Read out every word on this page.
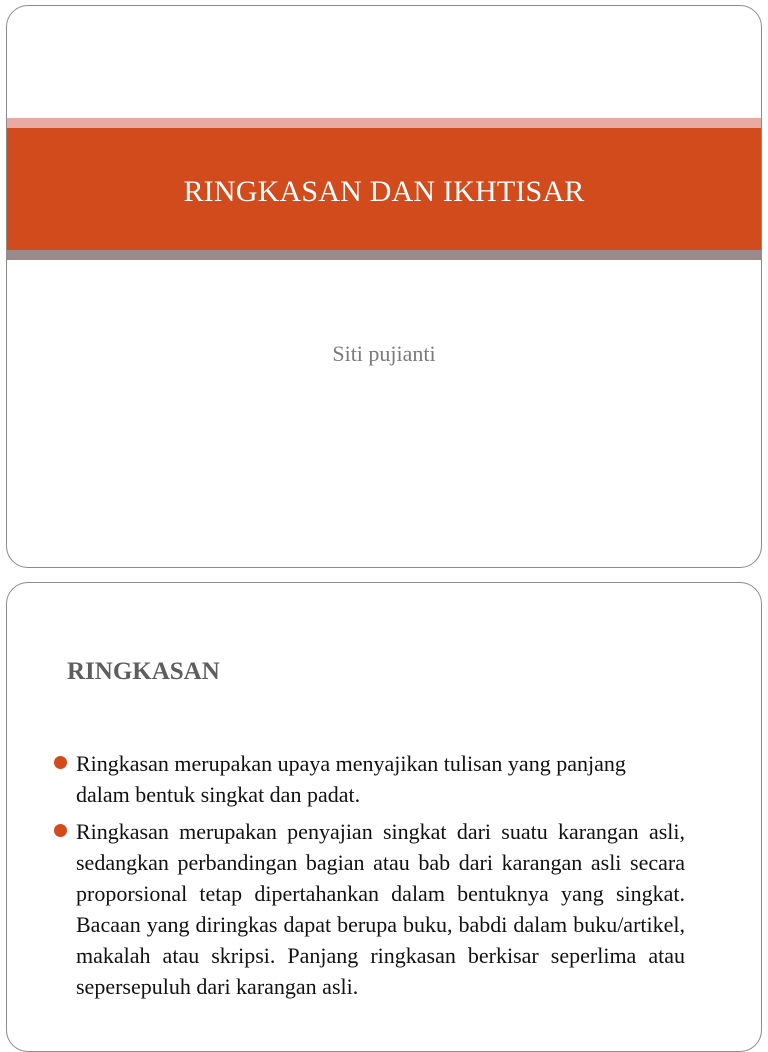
RINGKASAN DAN IKHTISAR
Siti pujianti
RINGKASAN
Ringkasan merupakan upaya menyajikan tulisan yang panjang dalam bentuk singkat dan padat.
Ringkasan merupakan penyajian singkat dari suatu karangan asli, sedangkan perbandingan bagian atau bab dari karangan asli secara proporsional tetap dipertahankan dalam bentuknya yang singkat. Bacaan yang diringkas dapat berupa buku, babdi dalam buku/artikel, makalah atau skripsi. Panjang ringkasan berkisar seperlima atau sepersepuluh dari karangan asli.
